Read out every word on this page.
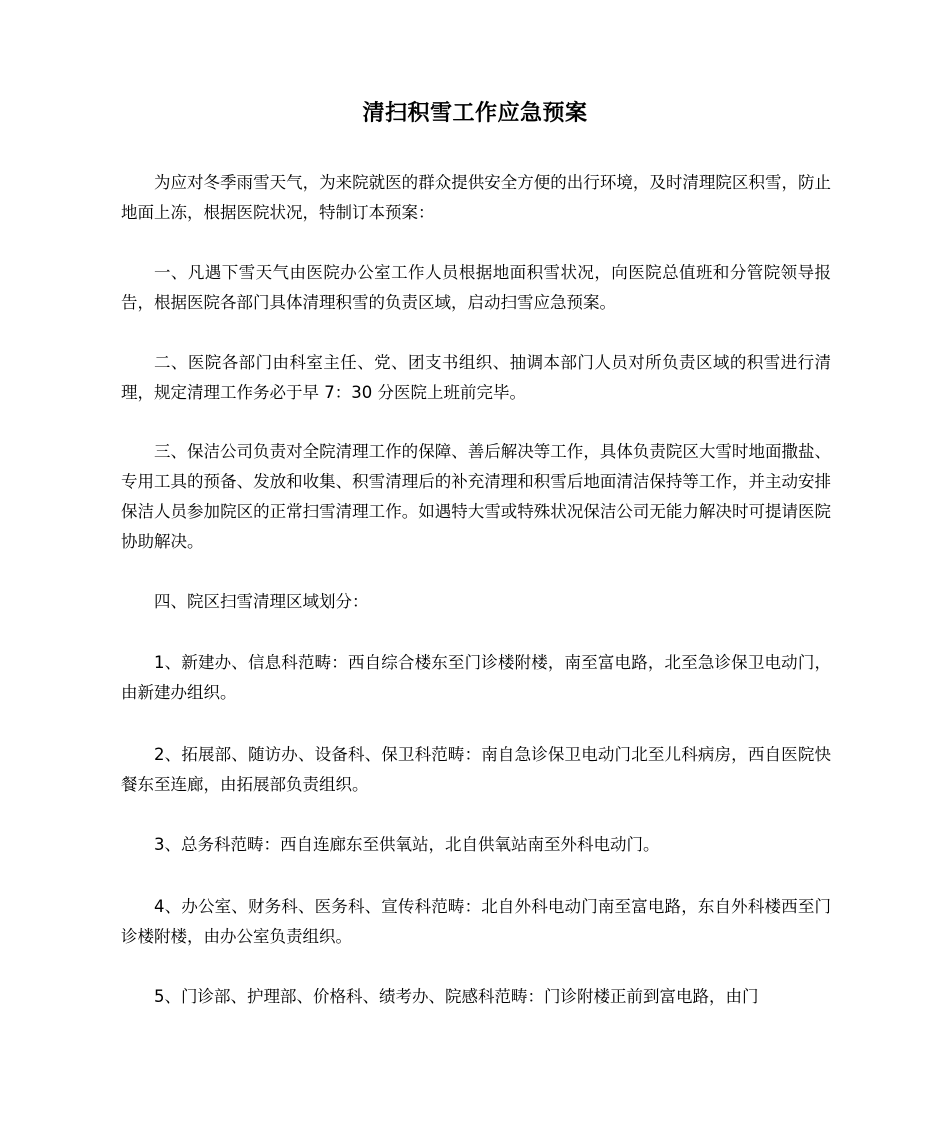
清扫积雪工作应急预案

为应对冬季雨雪天气，为来院就医的群众提供安全方便的出行环境，及时清理院区积雪，防止地面上冻，根据医院状况，特制订本预案：

一、凡遇下雪天气由医院办公室工作人员根据地面积雪状况，向医院总值班和分管院领导报告，根据医院各部门具体清理积雪的负责区域，启动扫雪应急预案。

二、医院各部门由科室主任、党、团支书组织、抽调本部门人员对所负责区域的积雪进行清理，规定清理工作务必于早 7：30 分医院上班前完毕。

三、保洁公司负责对全院清理工作的保障、善后解决等工作，具体负责院区大雪时地面撒盐、专用工具的预备、发放和收集、积雪清理后的补充清理和积雪后地面清洁保持等工作，并主动安排保洁人员参加院区的正常扫雪清理工作。如遇特大雪或特殊状况保洁公司无能力解决时可提请医院协助解决。

四、院区扫雪清理区域划分：

1、新建办、信息科范畴：西自综合楼东至门诊楼附楼，南至富电路，北至急诊保卫电动门，由新建办组织。

2、拓展部、随访办、设备科、保卫科范畴：南自急诊保卫电动门北至儿科病房，西自医院快餐东至连廊，由拓展部负责组织。

3、总务科范畴：西自连廊东至供氧站，北自供氧站南至外科电动门。

4、办公室、财务科、医务科、宣传科范畴：北自外科电动门南至富电路，东自外科楼西至门诊楼附楼，由办公室负责组织。

5、门诊部、护理部、价格科、绩考办、院感科范畴：门诊附楼正前到富电路，由门
